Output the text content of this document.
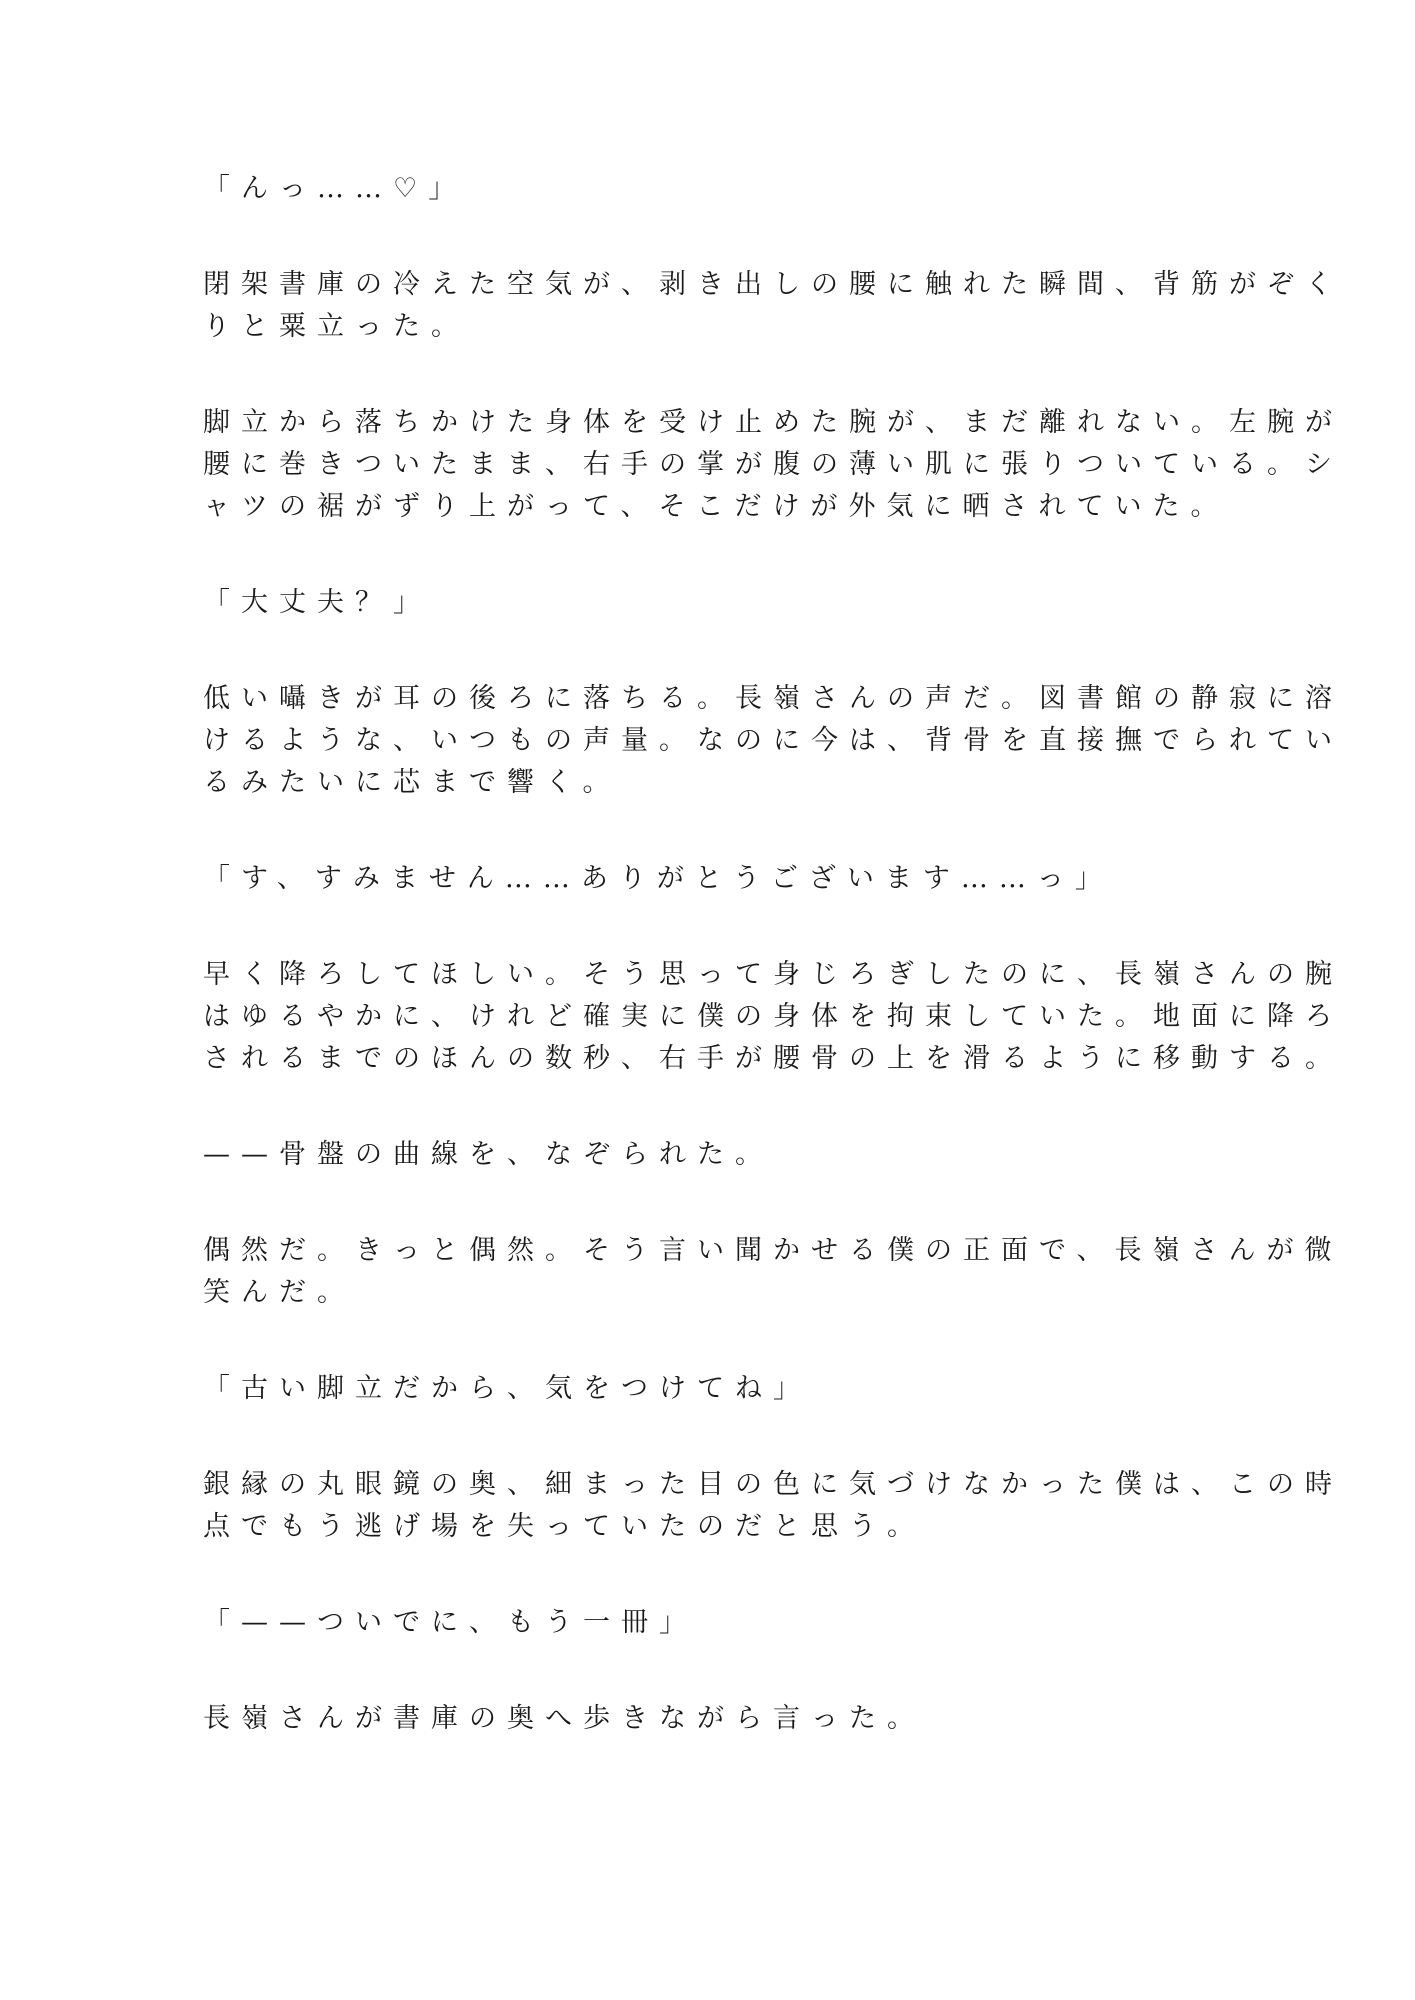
「んっ……♡」

閉架書庫の冷えた空気が、剥き出しの腰に触れた瞬間、背筋がぞく
りと粟立った。

脚立から落ちかけた身体を受け止めた腕が、まだ離れない。左腕が
腰に巻きついたまま、右手の掌が腹の薄い肌に張りついている。シ
ャツの裾がずり上がって、そこだけが外気に晒されていた。

「大丈夫？」

低い囁きが耳の後ろに落ちる。長嶺さんの声だ。図書館の静寂に溶
けるような、いつもの声量。なのに今は、背骨を直接撫でられてい
るみたいに芯まで響く。

「す、すみません……ありがとうございます……っ」

早く降ろしてほしい。そう思って身じろぎしたのに、長嶺さんの腕
はゆるやかに、けれど確実に僕の身体を拘束していた。地面に降ろ
されるまでのほんの数秒、右手が腰骨の上を滑るように移動する。

——骨盤の曲線を、なぞられた。

偶然だ。きっと偶然。そう言い聞かせる僕の正面で、長嶺さんが微
笑んだ。

「古い脚立だから、気をつけてね」

銀縁の丸眼鏡の奥、細まった目の色に気づけなかった僕は、この時
点でもう逃げ場を失っていたのだと思う。

「——ついでに、もう一冊」

長嶺さんが書庫の奥へ歩きながら言った。
